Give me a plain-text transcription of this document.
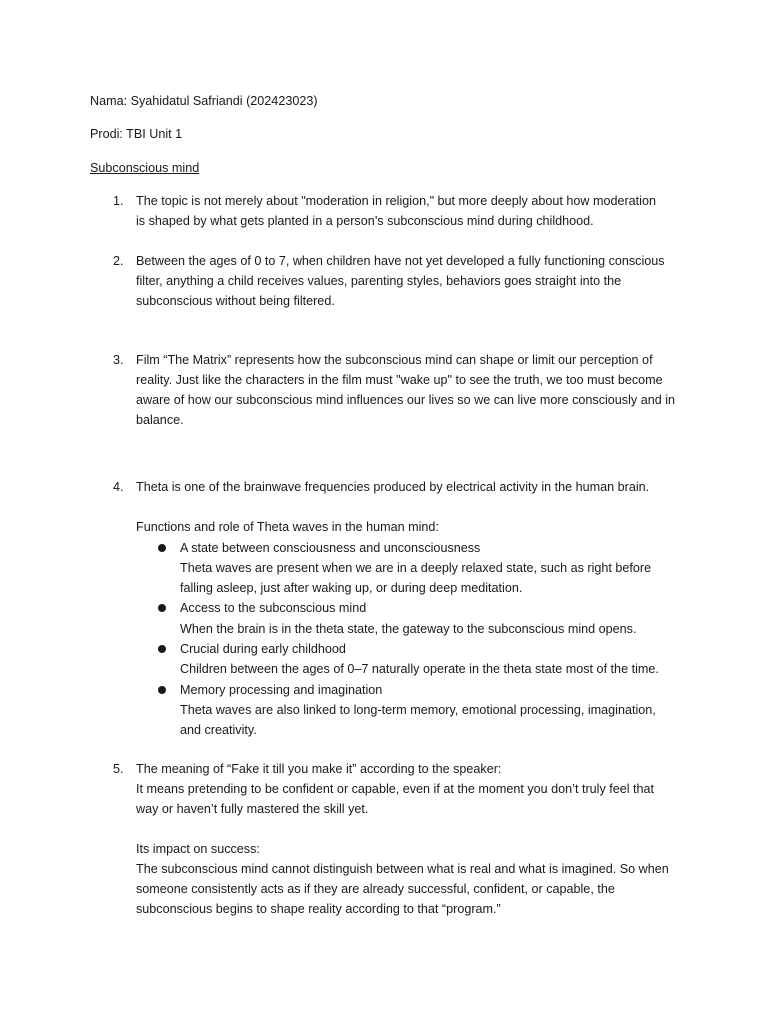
Nama: Syahidatul Safriandi (202423023)
Prodi: TBI Unit 1
Subconscious mind
1. The topic is not merely about "moderation in religion," but more deeply about how moderation
is shaped by what gets planted in a person’s subconscious mind during childhood.
2. Between the ages of 0 to 7, when children have not yet developed a fully functioning conscious
filter, anything a child receives values, parenting styles, behaviors goes straight into the
subconscious without being filtered.
3. Film “The Matrix” represents how the subconscious mind can shape or limit our perception of
reality. Just like the characters in the film must "wake up" to see the truth, we too must become
aware of how our subconscious mind influences our lives so we can live more consciously and in
balance.
4. Theta is one of the brainwave frequencies produced by electrical activity in the human brain.
Functions and role of Theta waves in the human mind:
A state between consciousness and unconsciousness
Theta waves are present when we are in a deeply relaxed state, such as right before
falling asleep, just after waking up, or during deep meditation.
Access to the subconscious mind
When the brain is in the theta state, the gateway to the subconscious mind opens.
Crucial during early childhood
Children between the ages of 0–7 naturally operate in the theta state most of the time.
Memory processing and imagination
Theta waves are also linked to long-term memory, emotional processing, imagination,
and creativity.
5. The meaning of “Fake it till you make it” according to the speaker:
It means pretending to be confident or capable, even if at the moment you don’t truly feel that
way or haven’t fully mastered the skill yet.
Its impact on success:
The subconscious mind cannot distinguish between what is real and what is imagined. So when
someone consistently acts as if they are already successful, confident, or capable, the
subconscious begins to shape reality according to that “program.”
